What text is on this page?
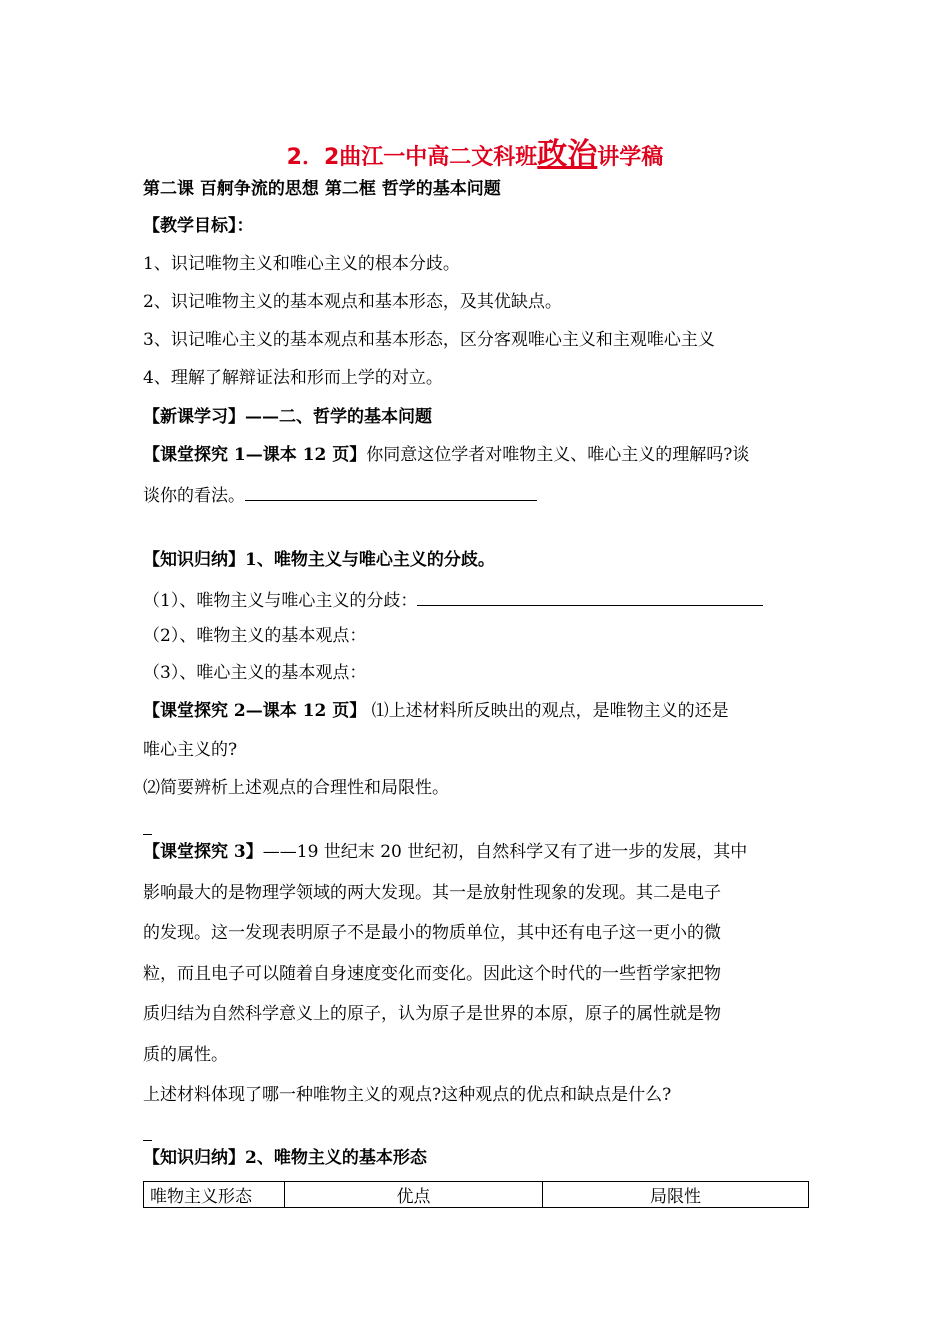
2．2曲江一中高二文科班政治讲学稿
第二课 百舸争流的思想 第二框 哲学的基本问题
【教学目标】：
1、识记唯物主义和唯心主义的根本分歧。
2、识记唯物主义的基本观点和基本形态，及其优缺点。
3、识记唯心主义的基本观点和基本形态，区分客观唯心主义和主观唯心主义
4、理解了解辩证法和形而上学的对立。
【新课学习】——二、哲学的基本问题
【课堂探究 1—课本 12 页】你同意这位学者对唯物主义、唯心主义的理解吗?谈
谈你的看法。
【知识归纳】1、唯物主义与唯心主义的分歧。
（1）、唯物主义与唯心主义的分歧：
（2）、唯物主义的基本观点：
（3）、唯心主义的基本观点：
【课堂探究 2—课本 12 页】 ⑴上述材料所反映出的观点，是唯物主义的还是
唯心主义的?
⑵简要辨析上述观点的合理性和局限性。
【课堂探究 3】——19 世纪末 20 世纪初，自然科学又有了进一步的发展，其中
影响最大的是物理学领域的两大发现。其一是放射性现象的发现。其二是电子
的发现。这一发现表明原子不是最小的物质单位，其中还有电子这一更小的微
粒，而且电子可以随着自身速度变化而变化。因此这个时代的一些哲学家把物
质归结为自然科学意义上的原子，认为原子是世界的本原，原子的属性就是物
质的属性。
上述材料体现了哪一种唯物主义的观点?这种观点的优点和缺点是什么?
【知识归纳】2、唯物主义的基本形态
唯物主义形态	优点	局限性
